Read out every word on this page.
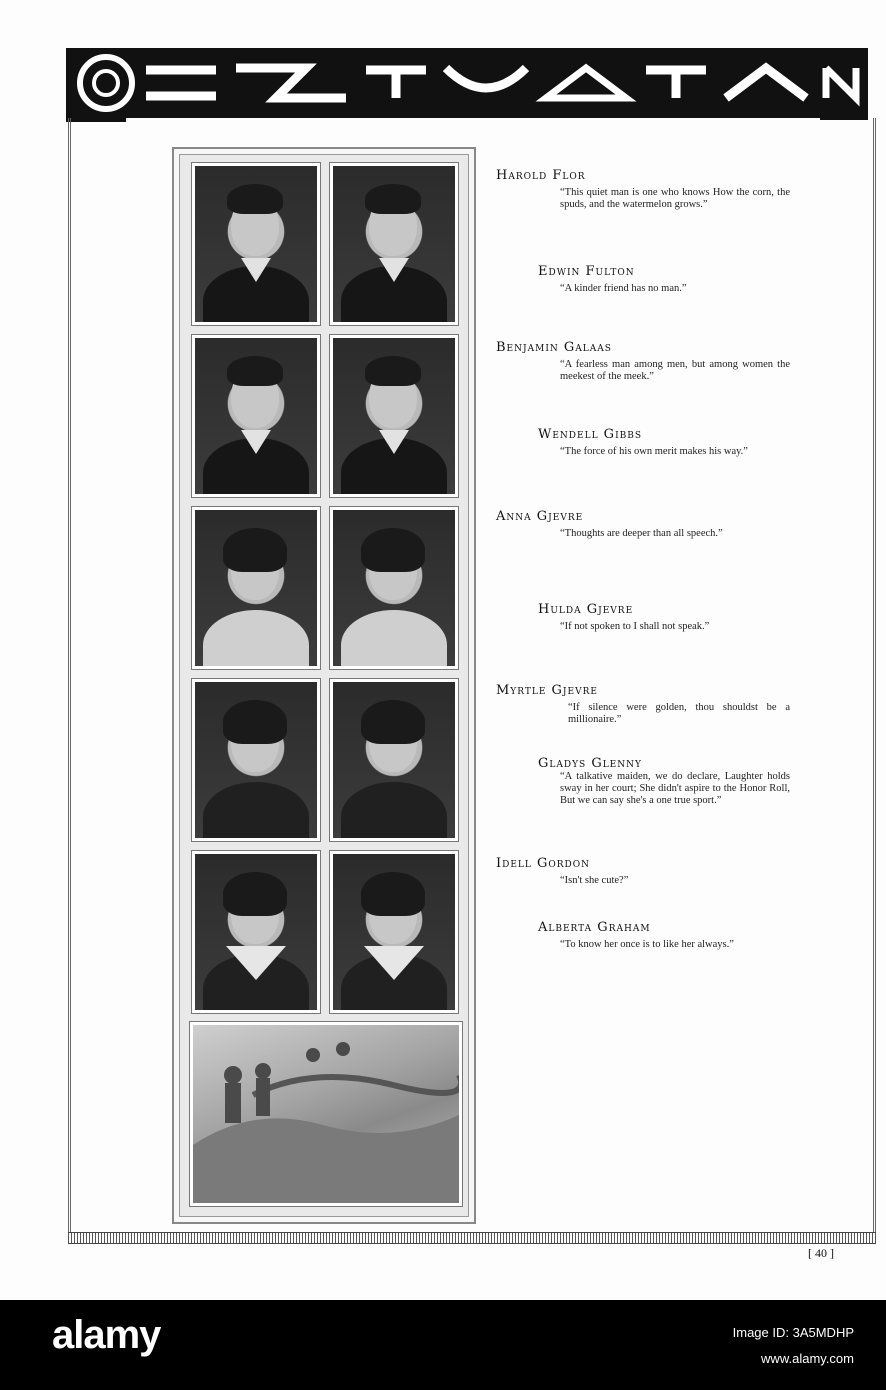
Harold Flor
“This quiet man is one who knows How the corn, the spuds, and the watermelon grows.”
Edwin Fulton
“A kinder friend has no man.”
Benjamin Galaas
“A fearless man among men, but among women the meekest of the meek.”
Wendell Gibbs
“The force of his own merit makes his way.”
Anna Gjevre
“Thoughts are deeper than all speech.”
Hulda Gjevre
“If not spoken to I shall not speak.”
Myrtle Gjevre
“If silence were golden, thou shouldst be a millionaire.”
Gladys Glenny
“A talkative maiden, we do declare, Laughter holds sway in her court; She didn't aspire to the Honor Roll, But we can say she's a one true sport.”
Idell Gordon
“Isn't she cute?”
Alberta Graham
“To know her once is to like her always.”
[ 40 ]
alamy	Image ID: 3A5MDHP
www.alamy.com
